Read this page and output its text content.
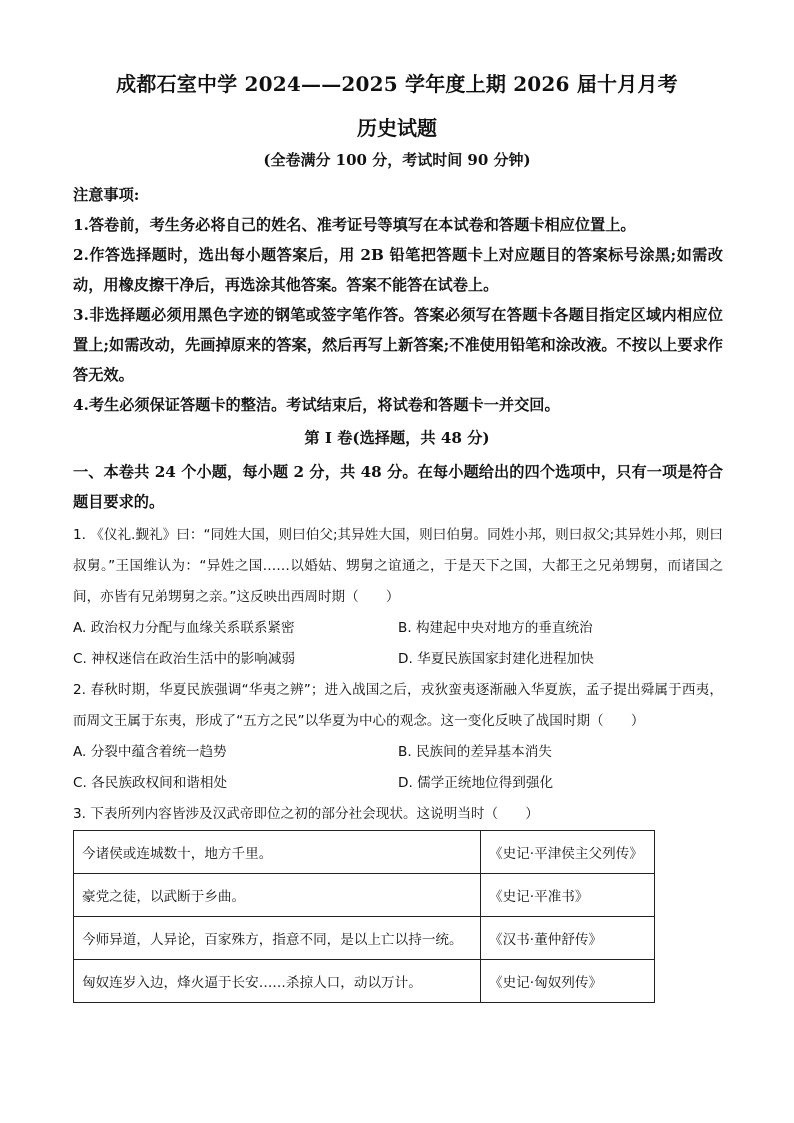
成都石室中学 2024——2025 学年度上期 2026 届十月月考
历史试题
(全卷满分 100 分，考试时间 90 分钟)

注意事项:

1.答卷前，考生务必将自己的姓名、准考证号等填写在本试卷和答题卡相应位置上。

2.作答选择题时，选出每小题答案后，用 2B 铅笔把答题卡上对应题目的答案标号涂黑;如需改动，用橡皮擦干净后，再选涂其他答案。答案不能答在试卷上。

3.非选择题必须用黑色字迹的钢笔或签字笔作答。答案必须写在答题卡各题目指定区域内相应位置上;如需改动，先画掉原来的答案，然后再写上新答案;不准使用铅笔和涂改液。不按以上要求作答无效。

4.考生必须保证答题卡的整洁。考试结束后，将试卷和答题卡一并交回。

第 I 卷(选择题，共 48 分)
一、本卷共 24 个小题，每小题 2 分，共 48 分。在每小题给出的四个选项中，只有一项是符合题目要求的。
1. 《仪礼.觐礼》曰：“同姓大国，则曰伯父;其异姓大国，则曰伯舅。同姓小邦，则曰叔父;其异姓小邦，则曰叔舅。”王国维认为：“异姓之国……以婚姑、甥舅之谊通之，于是天下之国，大都王之兄弟甥舅，而诸国之间，亦皆有兄弟甥舅之亲。”这反映出西周时期（　　）
A. 政治权力分配与血缘关系联系紧密	B. 构建起中央对地方的垂直统治
C. 神权迷信在政治生活中的影响减弱	D. 华夏民族国家封建化进程加快
2. 春秋时期，华夏民族强调“华夷之辨”；进入战国之后，戎狄蛮夷逐渐融入华夏族，孟子提出舜属于西夷，而周文王属于东夷，形成了“五方之民”以华夏为中心的观念。这一变化反映了战国时期（　　）
A. 分裂中蕴含着统一趋势	B. 民族间的差异基本消失
C. 各民族政权间和谐相处	D. 儒学正统地位得到强化
3. 下表所列内容皆涉及汉武帝即位之初的部分社会现状。这说明当时（　　）
今诸侯或连城数十，地方千里。	《史记·平津侯主父列传》
豪党之徒，以武断于乡曲。	《史记·平准书》
今师异道，人异论，百家殊方，指意不同，是以上亡以持一统。	《汉书·董仲舒传》
匈奴连岁入边，烽火逼于长安……杀掠人口，动以万计。	《史记·匈奴列传》
